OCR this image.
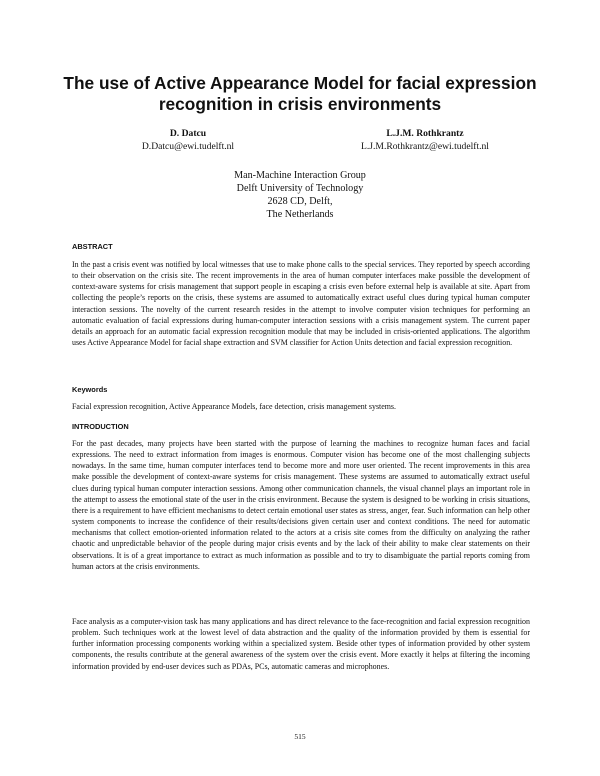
The use of Active Appearance Model for facial expression recognition in crisis environments
D. Datcu
D.Datcu@ewi.tudelft.nl
L.J.M. Rothkrantz
L.J.M.Rothkrantz@ewi.tudelft.nl
Man-Machine Interaction Group
Delft University of Technology
2628 CD, Delft,
The Netherlands
ABSTRACT

In the past a crisis event was notified by local witnesses that use to make phone calls to the special services. They reported by speech according to their observation on the crisis site. The recent improvements in the area of human computer interfaces make possible the development of context-aware systems for crisis management that support people in escaping a crisis even before external help is available at site. Apart from collecting the people’s reports on the crisis, these systems are assumed to automatically extract useful clues during typical human computer interaction sessions. The novelty of the current research resides in the attempt to involve computer vision techniques for performing an automatic evaluation of facial expressions during human-computer interaction sessions with a crisis management system. The current paper details an approach for an automatic facial expression recognition module that may be included in crisis-oriented applications. The algorithm uses Active Appearance Model for facial shape extraction and SVM classifier for Action Units detection and facial expression recognition.

Keywords

Facial expression recognition, Active Appearance Models, face detection, crisis management systems.

INTRODUCTION

For the past decades, many projects have been started with the purpose of learning the machines to recognize human faces and facial expressions. The need to extract information from images is enormous. Computer vision has become one of the most challenging subjects nowadays. In the same time, human computer interfaces tend to become more and more user oriented. The recent improvements in this area make possible the development of context-aware systems for crisis management. These systems are assumed to automatically extract useful clues during typical human computer interaction sessions. Among other communication channels, the visual channel plays an important role in the attempt to assess the emotional state of the user in the crisis environment. Because the system is designed to be working in crisis situations, there is a requirement to have efficient mechanisms to detect certain emotional user states as stress, anger, fear. Such information can help other system components to increase the confidence of their results/decisions given certain user and context conditions. The need for automatic mechanisms that collect emotion-oriented information related to the actors at a crisis site comes from the difficulty on analyzing the rather chaotic and unpredictable behavior of the people during major crisis events and by the lack of their ability to make clear statements on their observations. It is of a great importance to extract as much information as possible and to try to disambiguate the partial reports coming from human actors at the crisis environments.

Face analysis as a computer-vision task has many applications and has direct relevance to the face-recognition and facial expression recognition problem. Such techniques work at the lowest level of data abstraction and the quality of the information provided by them is essential for further information processing components working within a specialized system. Beside other types of information provided by other system components, the results contribute at the general awareness of the system over the crisis event. More exactly it helps at filtering the incoming information provided by end-user devices such as PDAs, PCs, automatic cameras and microphones.

515
